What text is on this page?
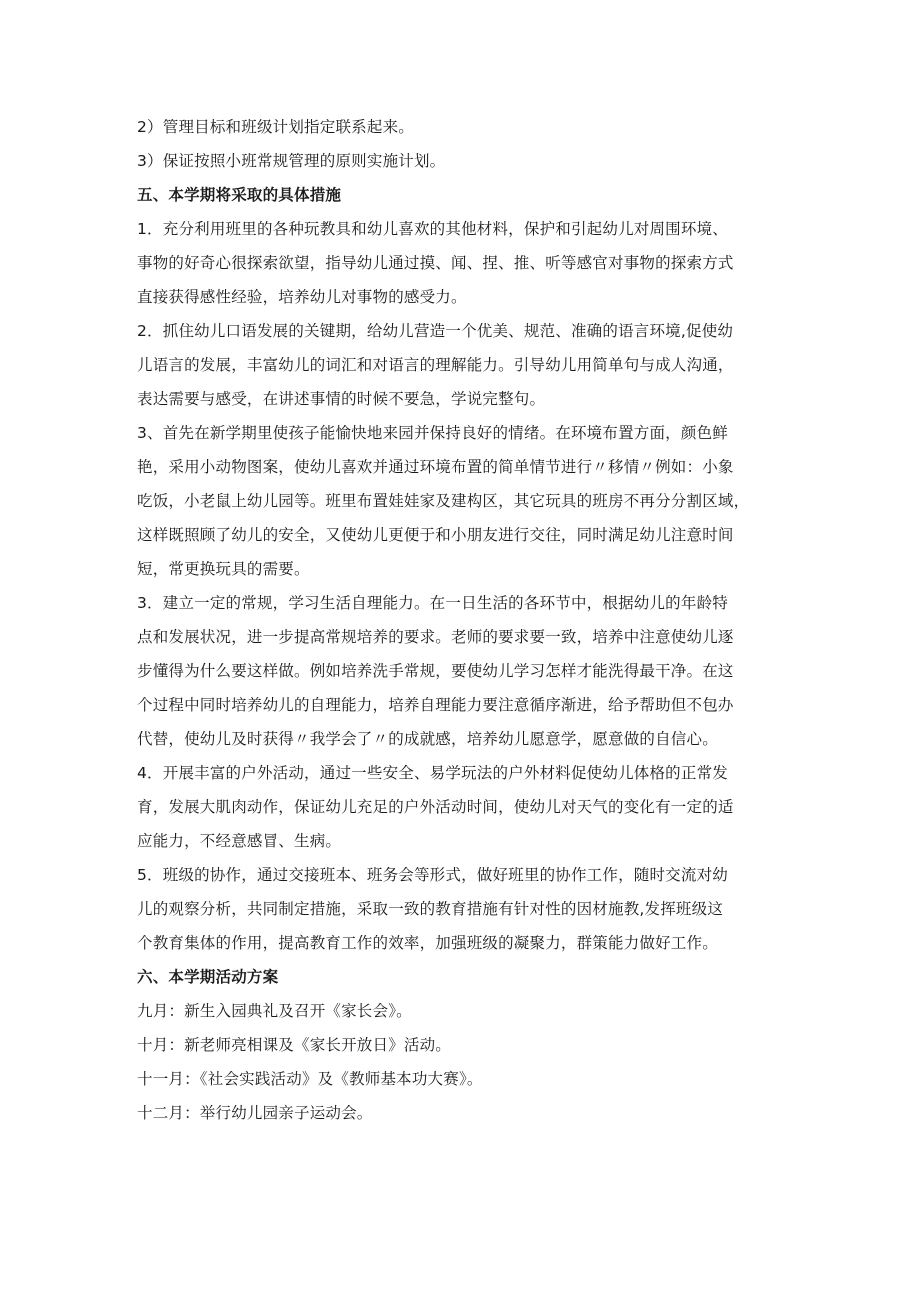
2）管理目标和班级计划指定联系起来。
3）保证按照小班常规管理的原则实施计划。
五、本学期将采取的具体措施
1．充分利用班里的各种玩教具和幼儿喜欢的其他材料，保护和引起幼儿对周围环境、
事物的好奇心很探索欲望，指导幼儿通过摸、闻、捏、推、听等感官对事物的探索方式
直接获得感性经验，培养幼儿对事物的感受力。
2．抓住幼儿口语发展的关键期，给幼儿营造一个优美、规范、准确的语言环境,促使幼
儿语言的发展，丰富幼儿的词汇和对语言的理解能力。引导幼儿用简单句与成人沟通，
表达需要与感受，在讲述事情的时候不要急，学说完整句。
3、首先在新学期里使孩子能愉快地来园并保持良好的情绪。在环境布置方面，颜色鲜
艳，采用小动物图案，使幼儿喜欢并通过环境布置的简单情节进行〃移情〃例如：小象
吃饭，小老鼠上幼儿园等。班里布置娃娃家及建构区，其它玩具的班房不再分分割区域，
这样既照顾了幼儿的安全，又使幼儿更便于和小朋友进行交往，同时满足幼儿注意时间
短，常更换玩具的需要。
3．建立一定的常规，学习生活自理能力。在一日生活的各环节中，根据幼儿的年龄特
点和发展状况，进一步提高常规培养的要求。老师的要求要一致，培养中注意使幼儿逐
步懂得为什么要这样做。例如培养洗手常规，要使幼儿学习怎样才能洗得最干净。在这
个过程中同时培养幼儿的自理能力，培养自理能力要注意循序渐进，给予帮助但不包办
代替，使幼儿及时获得〃我学会了〃的成就感，培养幼儿愿意学，愿意做的自信心。
4．开展丰富的户外活动，通过一些安全、易学玩法的户外材料促使幼儿体格的正常发
育，发展大肌肉动作，保证幼儿充足的户外活动时间，使幼儿对天气的变化有一定的适
应能力，不经意感冒、生病。
5．班级的协作，通过交接班本、班务会等形式，做好班里的协作工作，随时交流对幼
儿的观察分析，共同制定措施，采取一致的教育措施有针对性的因材施教,发挥班级这
个教育集体的作用，提高教育工作的效率，加强班级的凝聚力，群策能力做好工作。
六、本学期活动方案
九月：新生入园典礼及召开《家长会》。
十月：新老师亮相课及《家长开放日》活动。
十一月：《社会实践活动》及《教师基本功大赛》。
十二月：举行幼儿园亲子运动会。
